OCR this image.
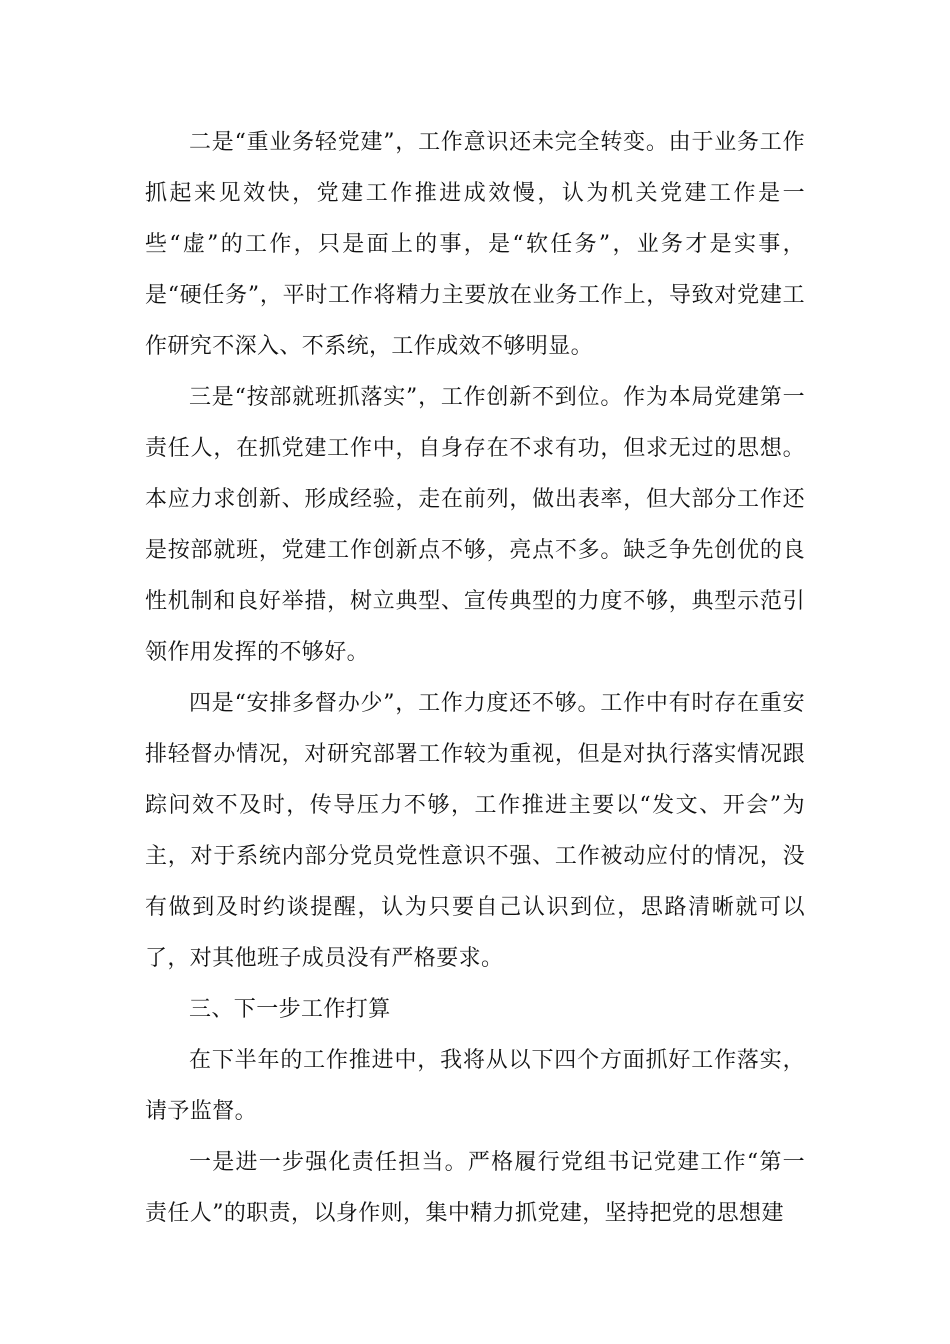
二是“重业务轻党建”，工作意识还未完全转变。由于业务工作抓起来见效快，党建工作推进成效慢，认为机关党建工作是一些“虚”的工作，只是面上的事，是“软任务”，业务才是实事，是“硬任务”，平时工作将精力主要放在业务工作上，导致对党建工作研究不深入、不系统，工作成效不够明显。

三是“按部就班抓落实”，工作创新不到位。作为本局党建第一责任人，在抓党建工作中，自身存在不求有功，但求无过的思想。本应力求创新、形成经验，走在前列，做出表率，但大部分工作还是按部就班，党建工作创新点不够，亮点不多。缺乏争先创优的良性机制和良好举措，树立典型、宣传典型的力度不够，典型示范引领作用发挥的不够好。

四是“安排多督办少”，工作力度还不够。工作中有时存在重安排轻督办情况，对研究部署工作较为重视，但是对执行落实情况跟踪问效不及时，传导压力不够，工作推进主要以“发文、开会”为主，对于系统内部分党员党性意识不强、工作被动应付的情况，没有做到及时约谈提醒，认为只要自己认识到位，思路清晰就可以了，对其他班子成员没有严格要求。

三、下一步工作打算

在下半年的工作推进中，我将从以下四个方面抓好工作落实，请予监督。

一是进一步强化责任担当。严格履行党组书记党建工作“第一责任人”的职责，以身作则，集中精力抓党建，坚持把党的思想建
